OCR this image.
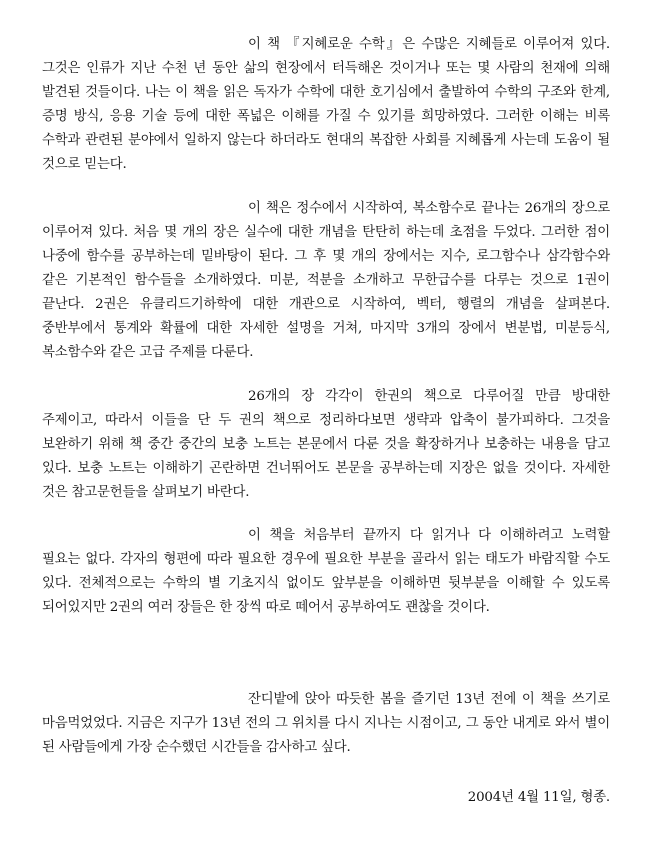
이 책 『지혜로운 수학』은 수많은 지혜들로 이루어져 있다. 그것은 인류가 지난 수천 년 동안 삶의 현장에서 터득해온 것이거나 또는 몇 사람의 천재에 의해 발견된 것들이다. 나는 이 책을 읽은 독자가 수학에 대한 호기심에서 출발하여 수학의 구조와 한계, 증명 방식, 응용 기술 등에 대한 폭넓은 이해를 가질 수 있기를 희망하였다. 그러한 이해는 비록 수학과 관련된 분야에서 일하지 않는다 하더라도 현대의 복잡한 사회를 지혜롭게 사는데 도움이 될 것으로 믿는다.

이 책은 정수에서 시작하여, 복소함수로 끝나는 26개의 장으로 이루어져 있다. 처음 몇 개의 장은 실수에 대한 개념을 탄탄히 하는데 초점을 두었다. 그러한 점이 나중에 함수를 공부하는데 밑바탕이 된다. 그 후 몇 개의 장에서는 지수, 로그함수나 삼각함수와 같은 기본적인 함수들을 소개하였다. 미분, 적분을 소개하고 무한급수를 다루는 것으로 1권이 끝난다. 2권은 유클리드기하학에 대한 개관으로 시작하여, 벡터, 행렬의 개념을 살펴본다. 중반부에서 통계와 확률에 대한 자세한 설명을 거쳐, 마지막 3개의 장에서 변분법, 미분등식, 복소함수와 같은 고급 주제를 다룬다.

26개의 장 각각이 한권의 책으로 다루어질 만큼 방대한 주제이고, 따라서 이들을 단 두 권의 책으로 정리하다보면 생략과 압축이 불가피하다. 그것을 보완하기 위해 책 중간 중간의 보충 노트는 본문에서 다룬 것을 확장하거나 보충하는 내용을 담고 있다. 보충 노트는 이해하기 곤란하면 건너뛰어도 본문을 공부하는데 지장은 없을 것이다. 자세한 것은 참고문헌들을 살펴보기 바란다.

이 책을 처음부터 끝까지 다 읽거나 다 이해하려고 노력할 필요는 없다. 각자의 형편에 따라 필요한 경우에 필요한 부분을 골라서 읽는 태도가 바람직할 수도 있다. 전체적으로는 수학의 별 기초지식 없이도 앞부분을 이해하면 뒷부분을 이해할 수 있도록 되어있지만 2권의 여러 장들은 한 장씩 따로 떼어서 공부하여도 괜찮을 것이다.

잔디밭에 앉아 따듯한 봄을 즐기던 13년 전에 이 책을 쓰기로 마음먹었었다. 지금은 지구가 13년 전의 그 위치를 다시 지나는 시점이고, 그 동안 내게로 와서 별이 된 사람들에게 가장 순수했던 시간들을 감사하고 싶다.

2004년 4월 11일, 형종.
